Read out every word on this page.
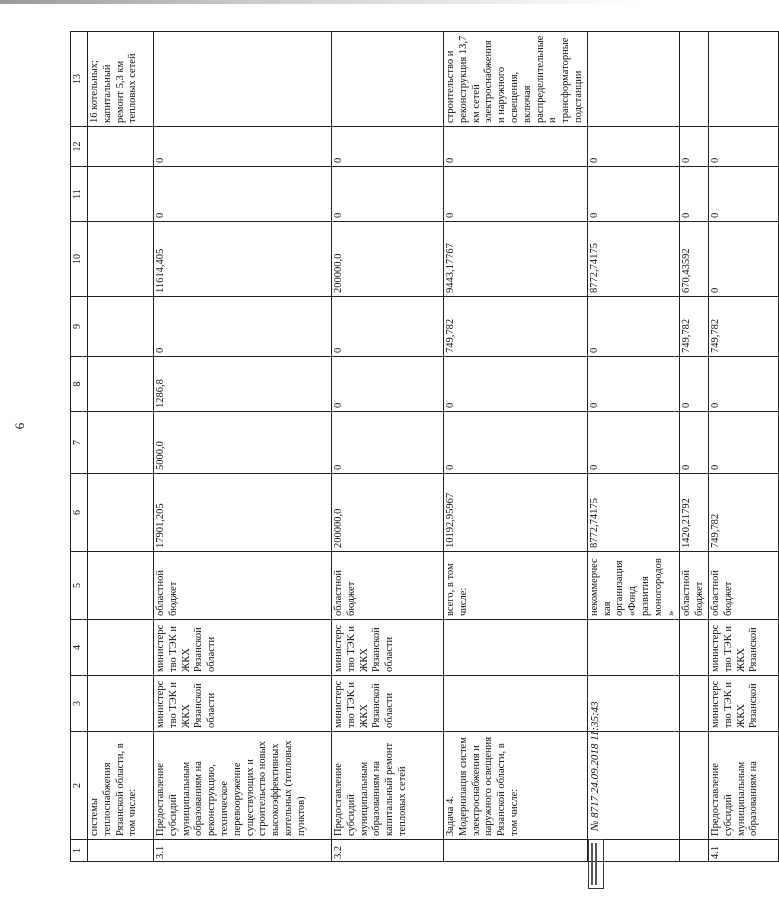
6
1	2	3	4	5	6	7	8	9	10	11	12	13
	системы теплоснабжения Рязанской области, в том числе:											16 котельных; капитальный ремонт 5,3 км тепловых сетей
3.1	Предоставление субсидий муниципальным образованиям на реконструкцию, техническое перевооружение существующих и строительство новых высокоэффективных котельных (тепловых пунктов)	министерство ТЭК и ЖКХ Рязанской области	министерство ТЭК и ЖКХ Рязанской области	областной бюджет	17901,205	5000,0	1286,8	0	11614,405	0	0	
3.2	Предоставление субсидий муниципальным образованиям на капитальный ремонт тепловых сетей	министерство ТЭК и ЖКХ Рязанской области	министерство ТЭК и ЖКХ Рязанской области	областной бюджет	200000,0	0	0	0	200000,0	0	0	
	Задача 4. Модернизация систем электроснабжения и наружного освещения Рязанской области, в том числе:			всего, в том числе:	10192,95967	0	0	749,782	9443,17767	0	0	строительство и реконструкция 13,7 км сетей электроснабжения и наружного освещения, включая распределительные и трансформаторные подстанции
				некоммерческая организация «Фонд развития моногородов»	8772,74175	0	0	0	8772,74175	0	0	
				областной бюджет	1420,21792	0	0	749,782	670,43592	0	0	
4.1	Предоставление субсидий муниципальным образованиям на	министерство ТЭК и ЖКХ Рязанской	министерство ТЭК и ЖКХ Рязанской	областной бюджет	749,782	0	0	749,782	0	0	0	
№ 8717 24.09.2018 11:35:43
